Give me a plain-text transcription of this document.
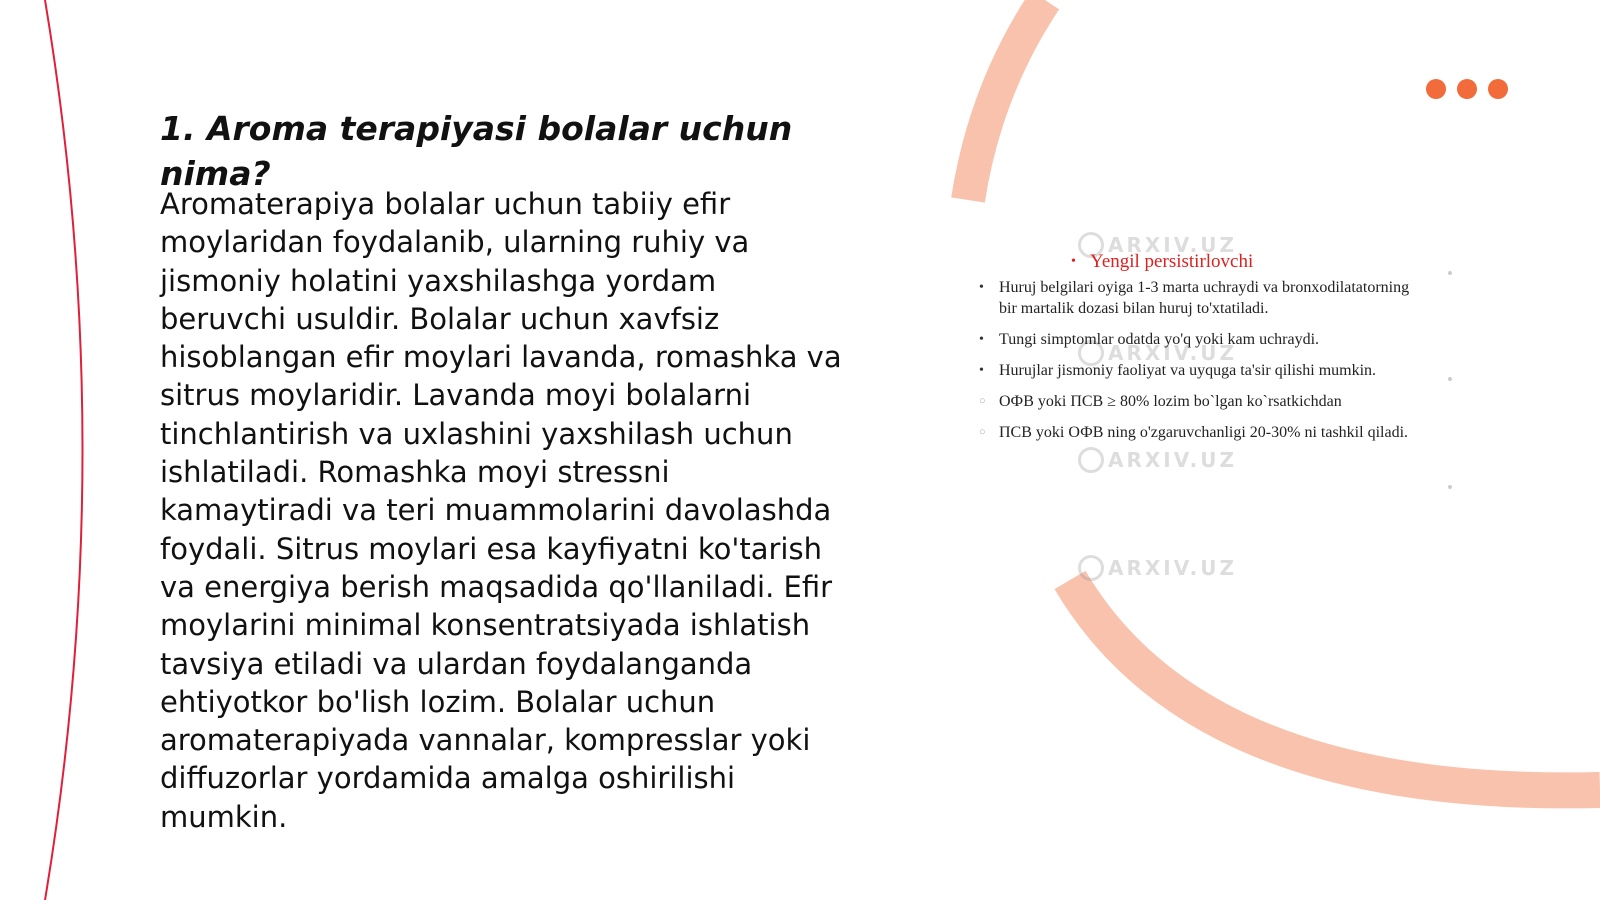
1. Aroma terapiyasi bolalar uchun nima?

Aromaterapiya bolalar uchun tabiiy efir moylaridan foydalanib, ularning ruhiy va jismoniy holatini yaxshilashga yordam beruvchi usuldir. Bolalar uchun xavfsiz hisoblangan efir moylari lavanda, romashka va sitrus moylaridir. Lavanda moyi bolalarni tinchlantirish va uxlashini yaxshilash uchun ishlatiladi. Romashka moyi stressni kamaytiradi va teri muammolarini davolashda foydali. Sitrus moylari esa kayfiyatni ko'tarish va energiya berish maqsadida qo'llaniladi. Efir moylarini minimal konsentratsiyada ishlatish tavsiya etiladi va ulardan foydalanganda ehtiyotkor bo'lish lozim. Bolalar uchun aromaterapiyada vannalar, kompresslar yoki diffuzorlar yordamida amalga oshirilishi mumkin.

ARXIV.UZ
ARXIV.UZ
ARXIV.UZ
ARXIV.UZ
• Yengil persistirlovchi
• Huruj belgilari oyiga 1-3 marta uchraydi va bronxodilatatorning bir martalik dozasi bilan huruj to'xtatiladi.
• Tungi simptomlar odatda yo'q yoki kam uchraydi.
• Hurujlar jismoniy faoliyat va uyquga ta'sir qilishi mumkin.
○ OФВ yoki ПСВ ≥ 80% lozim bo`lgan ko`rsatkichdan
○ ПСВ yoki ОФВ ning o'zgaruvchanligi 20-30% ni tashkil qiladi.
